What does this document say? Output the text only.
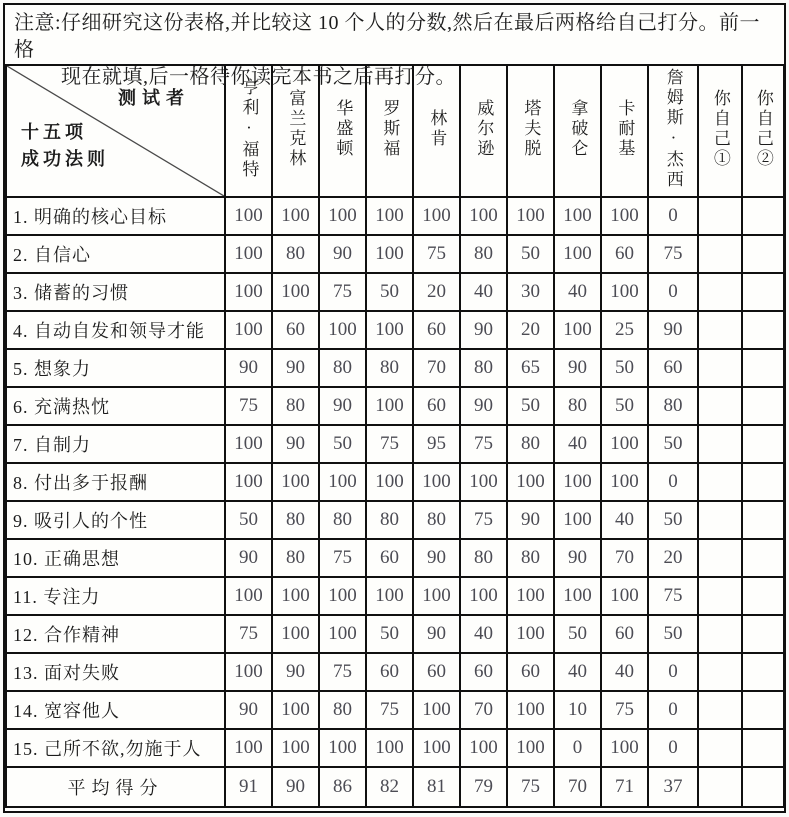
注意:仔细研究这份表格,并比较这 10 个人的分数,然后在最后两格给自己打分。前一格
现在就填,后一格待你读完本书之后再打分。
测试者
十五项
成功法则	亨利·福特	富兰克林	华盛顿	罗斯福	林肯	威尔逊	塔夫脱	拿破仑	卡耐基	詹姆斯·杰西	你自己①	你自己②
1. 明确的核心目标	100	100	100	100	100	100	100	100	100	0		
2. 自信心	100	80	90	100	75	80	50	100	60	75		
3. 储蓄的习惯	100	100	75	50	20	40	30	40	100	0		
4. 自动自发和领导才能	100	60	100	100	60	90	20	100	25	90		
5. 想象力	90	90	80	80	70	80	65	90	50	60		
6. 充满热忱	75	80	90	100	60	90	50	80	50	80		
7. 自制力	100	90	50	75	95	75	80	40	100	50		
8. 付出多于报酬	100	100	100	100	100	100	100	100	100	0		
9. 吸引人的个性	50	80	80	80	80	75	90	100	40	50		
10. 正确思想	90	80	75	60	90	80	80	90	70	20		
11. 专注力	100	100	100	100	100	100	100	100	100	75		
12. 合作精神	75	100	100	50	90	40	100	50	60	50		
13. 面对失败	100	90	75	60	60	60	60	40	40	0		
14. 宽容他人	90	100	80	75	100	70	100	10	75	0		
15. 己所不欲,勿施于人	100	100	100	100	100	100	100	0	100	0		
平均得分	91	90	86	82	81	79	75	70	71	37		
